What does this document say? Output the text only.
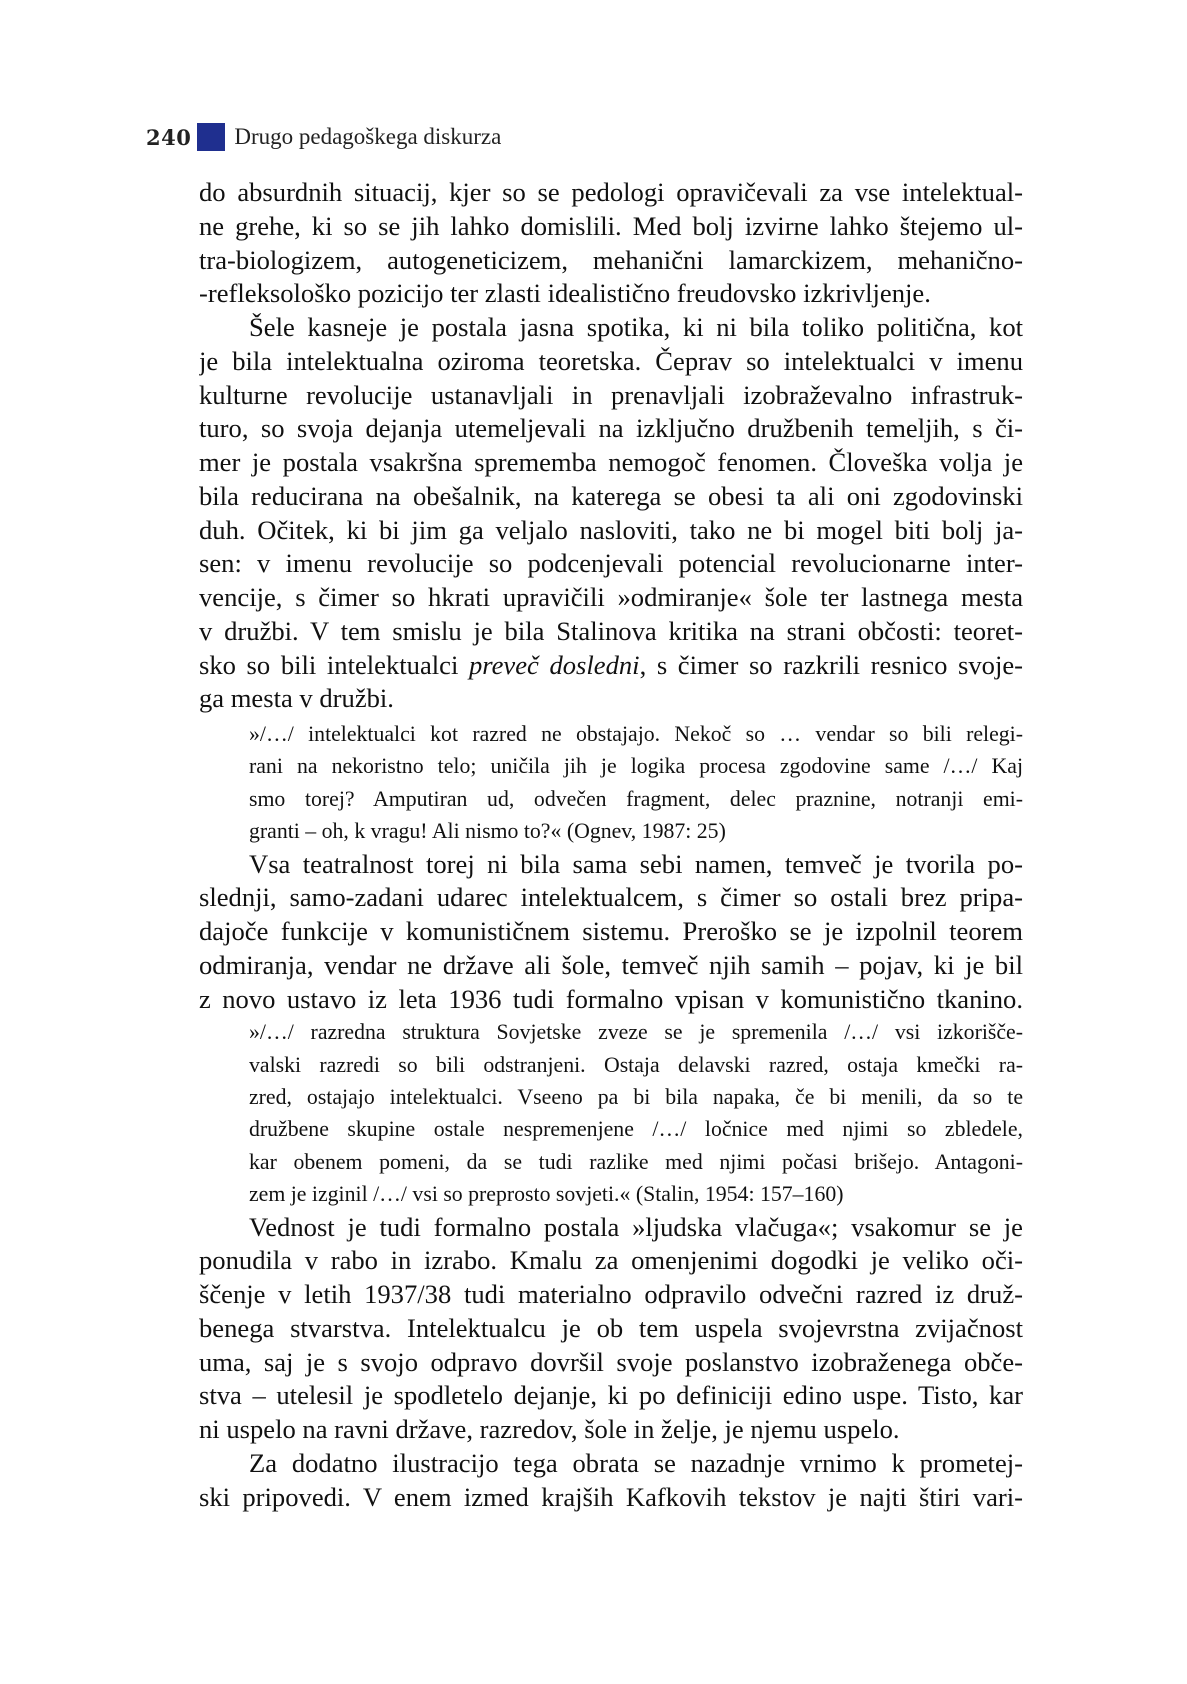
240 Drugo pedagoškega diskurza
do absurdnih situacij, kjer so se pedologi opravičevali za vse intelektual-
ne grehe, ki so se jih lahko domislili. Med bolj izvirne lahko štejemo ul-
tra-biologizem, autogeneticizem, mehanični lamarckizem, mehanično-
-refleksološko pozicijo ter zlasti idealistično freudovsko izkrivljenje.
Šele kasneje je postala jasna spotika, ki ni bila toliko politična, kot
je bila intelektualna oziroma teoretska. Čeprav so intelektualci v imenu
kulturne revolucije ustanavljali in prenavljali izobraževalno infrastruk-
turo, so svoja dejanja utemeljevali na izključno družbenih temeljih, s či-
mer je postala vsakršna sprememba nemogoč fenomen. Človeška volja je
bila reducirana na obešalnik, na katerega se obesi ta ali oni zgodovinski
duh. Očitek, ki bi jim ga veljalo nasloviti, tako ne bi mogel biti bolj ja-
sen: v imenu revolucije so podcenjevali potencial revolucionarne inter-
vencije, s čimer so hkrati upravičili »odmiranje« šole ter lastnega mesta
v družbi. V tem smislu je bila Stalinova kritika na strani občosti: teoret-
sko so bili intelektualci preveč dosledni, s čimer so razkrili resnico svoje-
ga mesta v družbi.
»/…/ intelektualci kot razred ne obstajajo. Nekoč so … vendar so bili relegi-
rani na nekoristno telo; uničila jih je logika procesa zgodovine same /…/ Kaj
smo torej? Amputiran ud, odvečen fragment, delec praznine, notranji emi-
granti – oh, k vragu! Ali nismo to?« (Ognev, 1987: 25)
Vsa teatralnost torej ni bila sama sebi namen, temveč je tvorila po-
slednji, samo-zadani udarec intelektualcem, s čimer so ostali brez pripa-
dajoče funkcije v komunističnem sistemu. Preroško se je izpolnil teorem
odmiranja, vendar ne države ali šole, temveč njih samih – pojav, ki je bil
z novo ustavo iz leta 1936 tudi formalno vpisan v komunistično tkanino.
»/…/ razredna struktura Sovjetske zveze se je spremenila /…/ vsi izkorišče-
valski razredi so bili odstranjeni. Ostaja delavski razred, ostaja kmečki ra-
zred, ostajajo intelektualci. Vseeno pa bi bila napaka, če bi menili, da so te
družbene skupine ostale nespremenjene /…/ ločnice med njimi so zbledele,
kar obenem pomeni, da se tudi razlike med njimi počasi brišejo. Antagoni-
zem je izginil /…/ vsi so preprosto sovjeti.« (Stalin, 1954: 157–160)
Vednost je tudi formalno postala »ljudska vlačuga«; vsakomur se je
ponudila v rabo in izrabo. Kmalu za omenjenimi dogodki je veliko oči-
ščenje v letih 1937/38 tudi materialno odpravilo odvečni razred iz druž-
benega stvarstva. Intelektualcu je ob tem uspela svojevrstna zvijačnost
uma, saj je s svojo odpravo dovršil svoje poslanstvo izobraženega obče-
stva – utelesil je spodletelo dejanje, ki po definiciji edino uspe. Tisto, kar
ni uspelo na ravni države, razredov, šole in želje, je njemu uspelo.
Za dodatno ilustracijo tega obrata se nazadnje vrnimo k prometej-
ski pripovedi. V enem izmed krajših Kafkovih tekstov je najti štiri vari-
